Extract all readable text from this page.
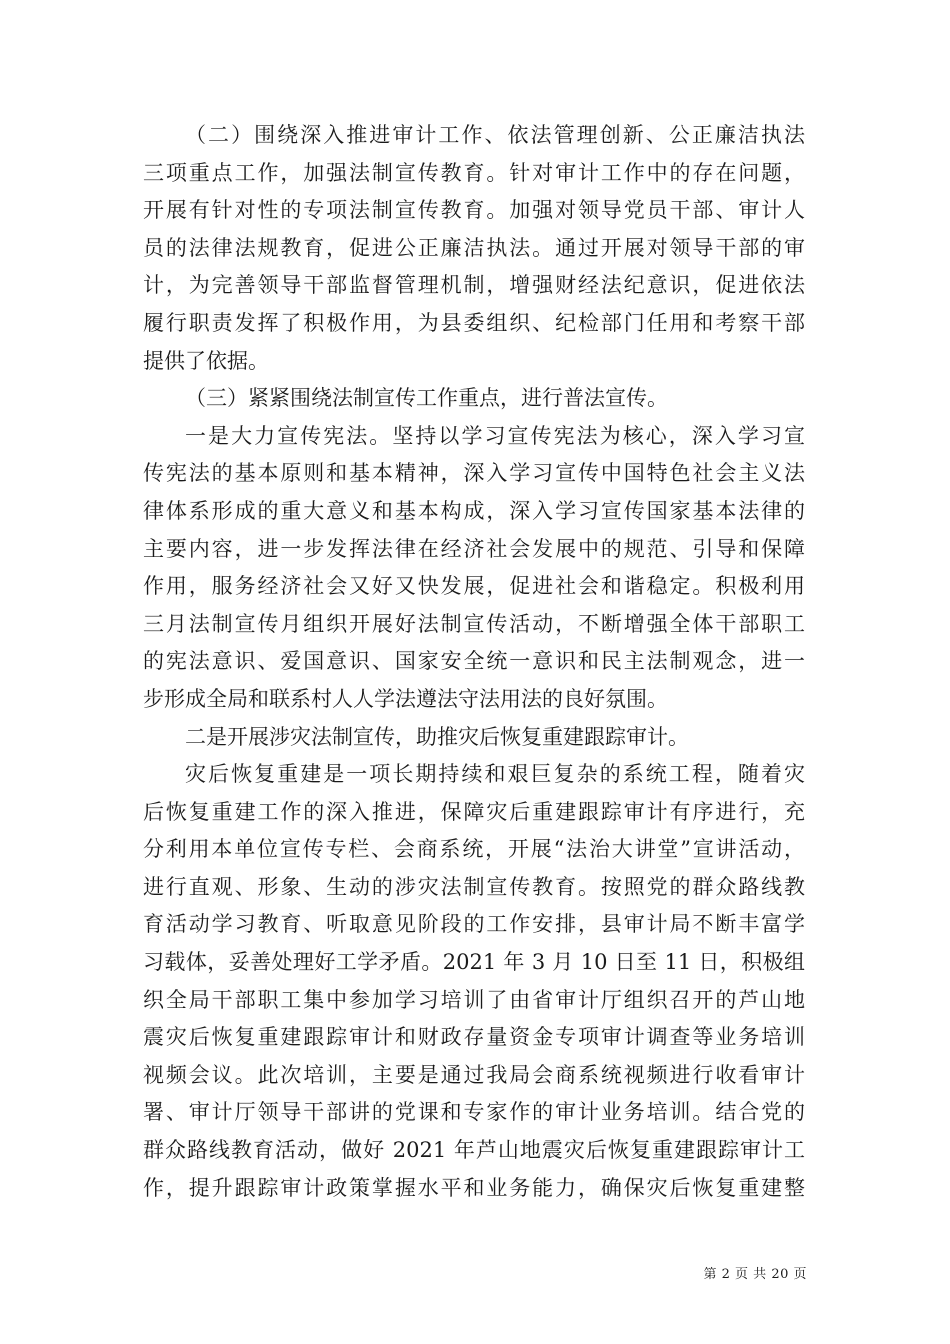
（二）围绕深入推进审计工作、依法管理创新、公正廉洁执法
三项重点工作，加强法制宣传教育。针对审计工作中的存在问题，
开展有针对性的专项法制宣传教育。加强对领导党员干部、审计人
员的法律法规教育，促进公正廉洁执法。通过开展对领导干部的审
计，为完善领导干部监督管理机制，增强财经法纪意识，促进依法
履行职责发挥了积极作用，为县委组织、纪检部门任用和考察干部
提供了依据。
（三）紧紧围绕法制宣传工作重点，进行普法宣传。
一是大力宣传宪法。坚持以学习宣传宪法为核心，深入学习宣
传宪法的基本原则和基本精神，深入学习宣传中国特色社会主义法
律体系形成的重大意义和基本构成，深入学习宣传国家基本法律的
主要内容，进一步发挥法律在经济社会发展中的规范、引导和保障
作用，服务经济社会又好又快发展，促进社会和谐稳定。积极利用
三月法制宣传月组织开展好法制宣传活动，不断增强全体干部职工
的宪法意识、爱国意识、国家安全统一意识和民主法制观念，进一
步形成全局和联系村人人学法遵法守法用法的良好氛围。
二是开展涉灾法制宣传，助推灾后恢复重建跟踪审计。
灾后恢复重建是一项长期持续和艰巨复杂的系统工程，随着灾
后恢复重建工作的深入推进，保障灾后重建跟踪审计有序进行，充
分利用本单位宣传专栏、会商系统，开展“法治大讲堂”宣讲活动，
进行直观、形象、生动的涉灾法制宣传教育。按照党的群众路线教
育活动学习教育、听取意见阶段的工作安排，县审计局不断丰富学
习载体，妥善处理好工学矛盾。2021 年 3 月 10 日至 11 日，积极组
织全局干部职工集中参加学习培训了由省审计厅组织召开的芦山地
震灾后恢复重建跟踪审计和财政存量资金专项审计调查等业务培训
视频会议。此次培训，主要是通过我局会商系统视频进行收看审计
署、审计厅领导干部讲的党课和专家作的审计业务培训。结合党的
群众路线教育活动，做好 2021 年芦山地震灾后恢复重建跟踪审计工
作，提升跟踪审计政策掌握水平和业务能力，确保灾后恢复重建整
第 2 页 共 20 页
